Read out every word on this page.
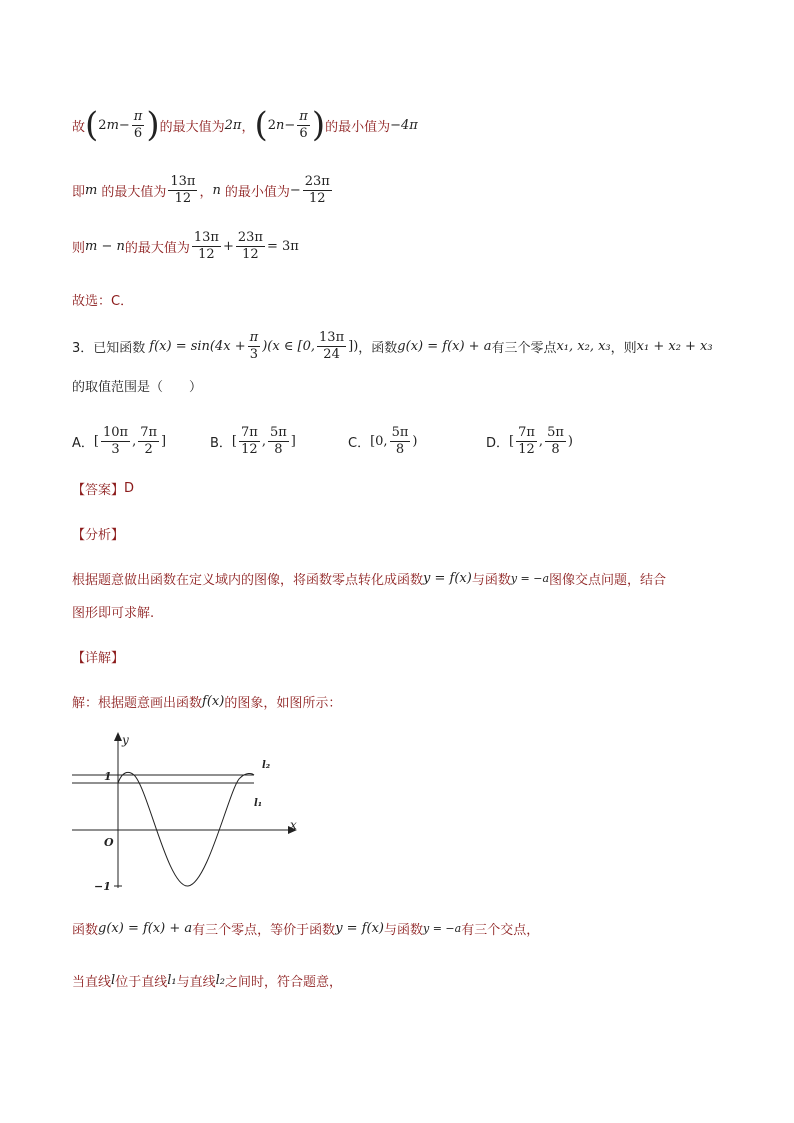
故 ( 2 $m - \frac{\pi}{6}$ ) 的最大值为 2π ， ( 2 $n - \frac{\pi}{6}$ ) 的最小值为 −4π
即 m 的最大值为 $\frac{13\pi}{12}$ ， n 的最小值为 − $\frac{23\pi}{12}$
则 m − n 的最大值为 $\frac{13\pi}{12} + \frac{23\pi}{12} = 3\pi$
故选：C．
3．已知函数 $f(x) = \sin(4x + \frac{\pi}{3} )(x$ ∈ [0, $\frac{13\pi}{24}$ ]) ，函数 g(x) = f(x) + a 有三个零点 x₁, x₂, x₃ ，则 x₁ + x₂ + x₃
的取值范围是（　　）
A． [ $\frac{10\pi}{3}$ , $\frac{7\pi}{2}$ ]	B． [ $\frac{7\pi}{12}$ , $\frac{5\pi}{8}$ ]	C． [0, $\frac{5\pi}{8}$ )	D． [ $\frac{7\pi}{12}$ , $\frac{5\pi}{8}$ )
【答案】 D
【分析】
根据题意做出函数在定义域内的图像，将函数零点转化成函数 y = f(x) 与函数 y = −a 图像交点问题，结合
图形即可求解.
【详解】
解：根据题意画出函数 f(x) 的图象，如图所示：
y
x
1
O
−1
l₂
l₁
函数 g(x) = f(x) + a 有三个零点，等价于函数 y = f(x) 与函数 y = −a 有三个交点，
当直线 l 位于直线 l₁ 与直线 l₂ 之间时，符合题意，
